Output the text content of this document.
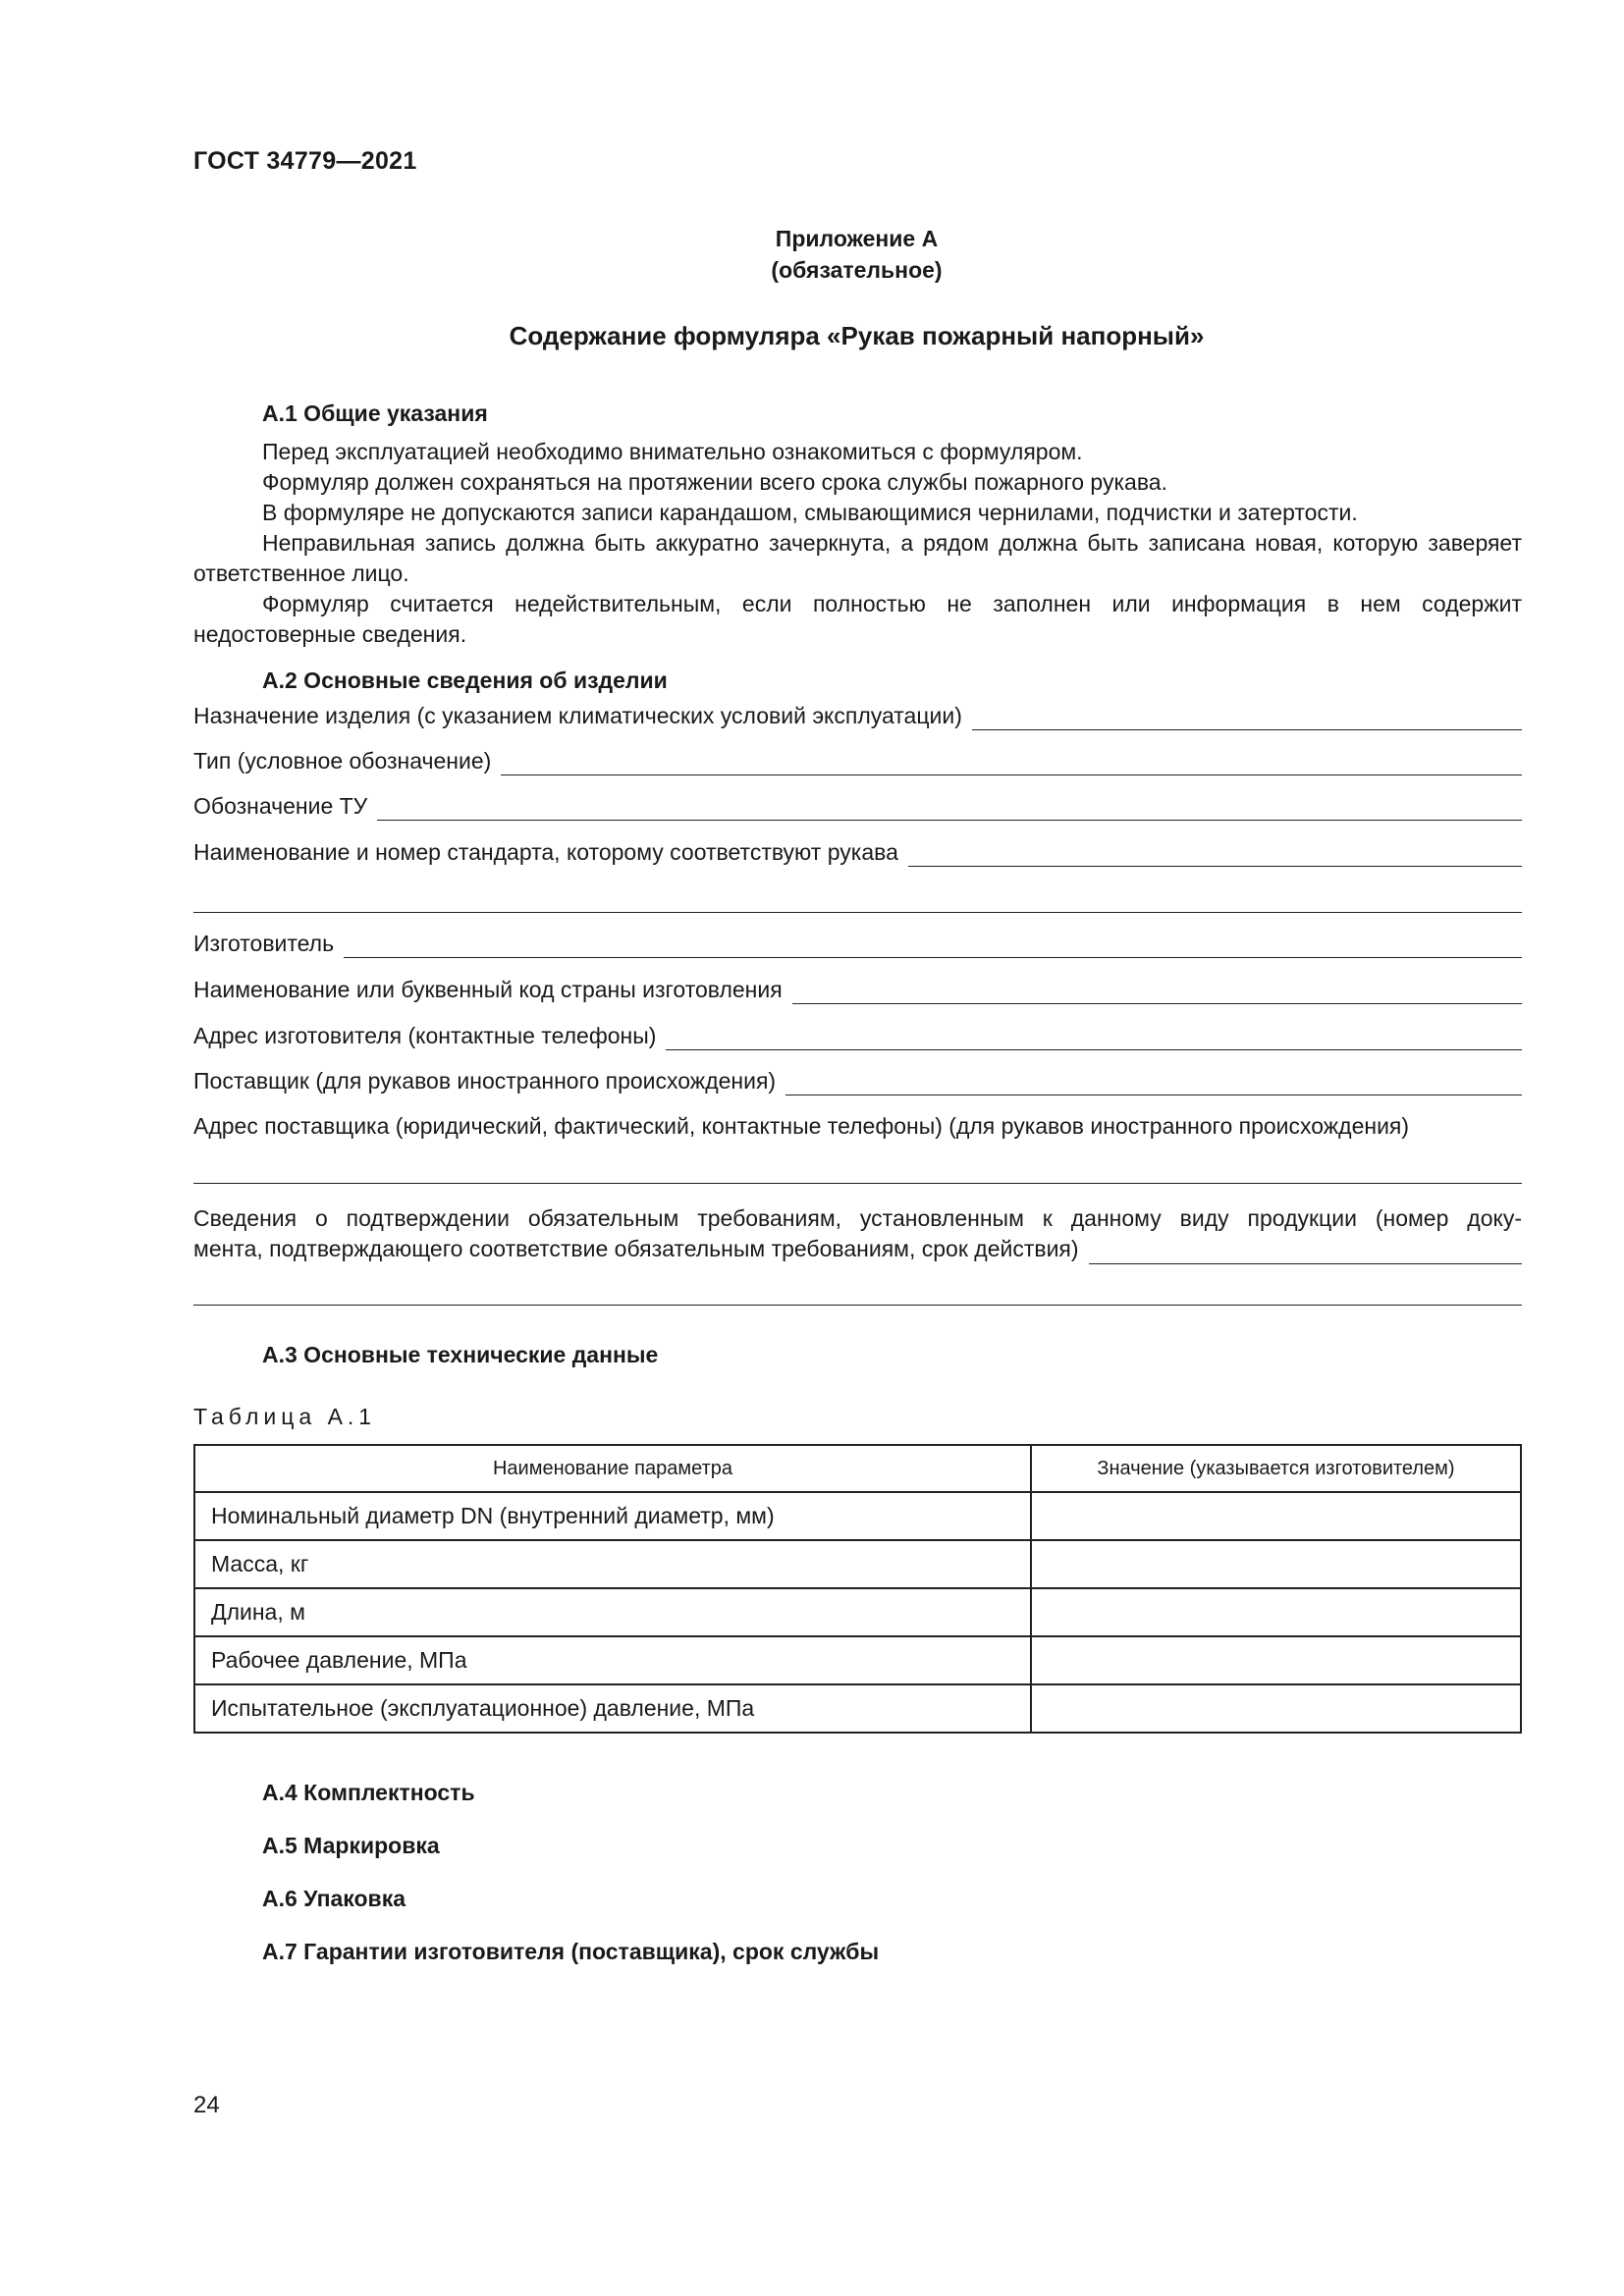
ГОСТ 34779—2021
Приложение А
(обязательное)
Содержание формуляра «Рукав пожарный напорный»
А.1 Общие указания

Перед эксплуатацией необходимо внимательно ознакомиться с формуляром.

Формуляр должен сохраняться на протяжении всего срока службы пожарного рукава.

В формуляре не допускаются записи карандашом, смывающимися чернилами, подчистки и затертости.

Неправильная запись должна быть аккуратно зачеркнута, а рядом должна быть записана новая, которую заверяет ответственное лицо.

Формуляр считается недействительным, если полностью не заполнен или информация в нем содержит недостоверные сведения.

А.2 Основные сведения об изделии
Назначение изделия (с указанием климатических условий эксплуатации)
Тип (условное обозначение)
Обозначение ТУ
Наименование и номер стандарта, которому соответствуют рукава
Изготовитель
Наименование или буквенный код страны изготовления
Адрес изготовителя (контактные телефоны)
Поставщик (для рукавов иностранного происхождения)
Адрес поставщика (юридический, фактический, контактные телефоны) (для рукавов иностранного происхождения)
Сведения о подтверждении обязательным требованиям, установленным к данному виду продукции (номер доку-
мента, подтверждающего соответствие обязательным требованиям, срок действия)
А.3 Основные технические данные
Таблица А.1
Наименование параметра	Значение (указывается изготовителем)
Номинальный диаметр DN (внутренний диаметр, мм)	
Масса, кг	
Длина, м	
Рабочее давление, МПа	
Испытательное (эксплуатационное) давление, МПа	
А.4 Комплектность
А.5 Маркировка
А.6 Упаковка
А.7 Гарантии изготовителя (поставщика), срок службы
24
